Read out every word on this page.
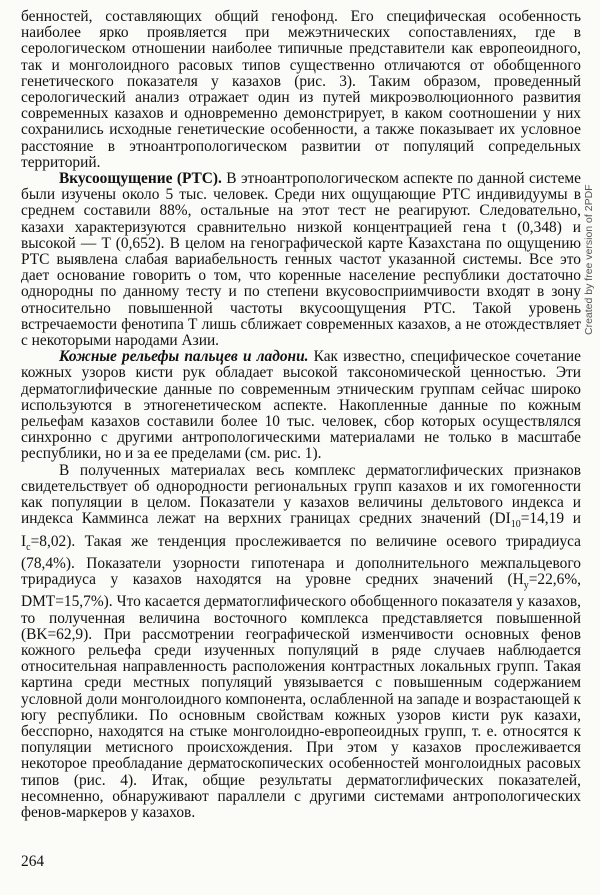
бенностей, составляющих общий генофонд. Его специфическая особенность наиболее ярко проявляется при межэтнических сопоставлениях, где в серологическом отношении наиболее типичные представители как европеоидного, так и монголоидного расовых типов существенно отличаются от обобщенного генетического показателя у казахов (рис. 3). Таким образом, проведенный серологический анализ отражает один из путей микроэволюционного развития современных казахов и одновременно демонстрирует, в каком соотношении у них сохранились исходные генетические особенности, а также показывает их условное расстояние в этноантропологическом развитии от популяций сопредельных территорий.

Вкусоощущение (РТС). В этноантропологическом аспекте по данной системе были изучены около 5 тыс. человек. Среди них ощущающие РТС индивидуумы в среднем составили 88%, остальные на этот тест не реагируют. Следовательно, казахи характеризуются сравнительно низкой концентрацией гена t (0,348) и высокой — T (0,652). В целом на генографической карте Казахстана по ощущению РТС выявлена слабая вариабельность генных частот указанной системы. Все это дает основание говорить о том, что коренные население республики достаточно однородны по данному тесту и по степени вкусовосприимчивости входят в зону относительно повышенной частоты вкусоощущения РТС. Такой уровень встречаемости фенотипа Т лишь сближает современных казахов, а не отождествляет с некоторыми народами Азии.

Кожные рельефы пальцев и ладони. Как известно, специфическое сочетание кожных узоров кисти рук обладает высокой таксономической ценностью. Эти дерматоглифические данные по современным этническим группам сейчас широко используются в этногенетическом аспекте. Накопленные данные по кожным рельефам казахов составили более 10 тыс. человек, сбор которых осуществлялся синхронно с другими антропологическими материалами не только в масштабе республики, но и за ее пределами (см. рис. 1).

В полученных материалах весь комплекс дерматоглифических признаков свидетельствует об однородности региональных групп казахов и их гомогенности как популяции в целом. Показатели у казахов величины дельтового индекса и индекса Камминса лежат на верхних границах средних значений ($DI_{10}=14,19$ и $I_c=8,02$). Такая же тенденция прослеживается по величине осевого трирадиуса (78,4%). Показатели узорности гипотенара и дополнительного межпальцевого трирадиуса у казахов находятся на уровне средних значений ($H_y=22,6\%$, DMT=15,7%). Что касается дерматоглифического обобщенного показателя у казахов, то полученная величина восточного комплекса представляется повышенной (BK=62,9). При рассмотрении географической изменчивости основных фенов кожного рельефа среди изученных популяций в ряде случаев наблюдается относительная направленность расположения контрастных локальных групп. Такая картина среди местных популяций увязывается с повышенным содержанием условной доли монголоидного компонента, ослабленной на западе и возрастающей к югу республики. По основным свойствам кожных узоров кисти рук казахи, бесспорно, находятся на стыке монголоидно-европеоидных групп, т. е. относятся к популяции метисного происхождения. При этом у казахов прослеживается некоторое преобладание дерматоскопических особенностей монголоидных расовых типов (рис. 4). Итак, общие результаты дерматоглифических показателей, несомненно, обнаруживают параллели с другими системами антропологических фенов-маркеров у казахов.

264
Created by free version of 2PDF
